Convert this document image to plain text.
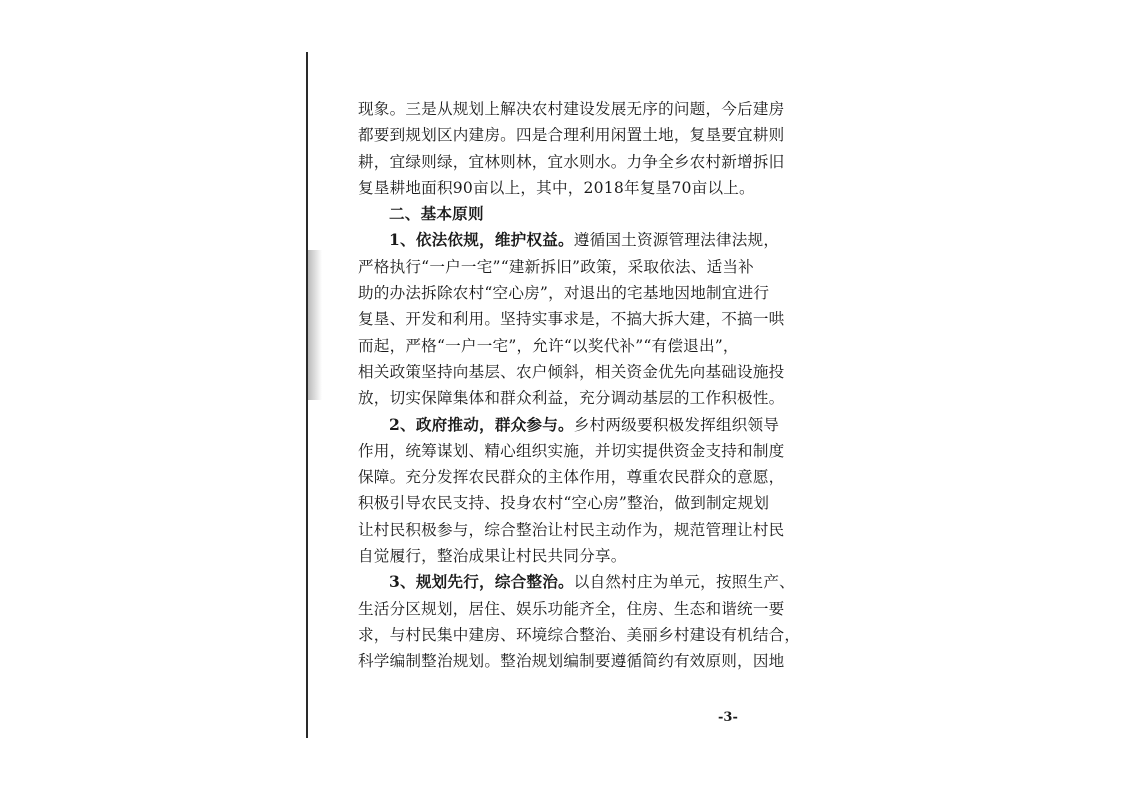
现象。三是从规划上解决农村建设发展无序的问题，今后建房
都要到规划区内建房。四是合理利用闲置土地，复垦要宜耕则
耕，宜绿则绿，宜林则林，宜水则水。力争全乡农村新增拆旧
复垦耕地面积90亩以上，其中，2018年复垦70亩以上。
二、基本原则
1、依法依规，维护权益。遵循国土资源管理法律法规，
严格执行“一户一宅”“建新拆旧”政策，采取依法、适当补
助的办法拆除农村“空心房”，对退出的宅基地因地制宜进行
复垦、开发和利用。坚持实事求是，不搞大拆大建，不搞一哄
而起，严格“一户一宅”，允许“以奖代补”“有偿退出”，
相关政策坚持向基层、农户倾斜，相关资金优先向基础设施投
放，切实保障集体和群众利益，充分调动基层的工作积极性。
2、政府推动，群众参与。乡村两级要积极发挥组织领导
作用，统筹谋划、精心组织实施，并切实提供资金支持和制度
保障。充分发挥农民群众的主体作用，尊重农民群众的意愿，
积极引导农民支持、投身农村“空心房”整治，做到制定规划
让村民积极参与，综合整治让村民主动作为，规范管理让村民
自觉履行，整治成果让村民共同分享。
3、规划先行，综合整治。以自然村庄为单元，按照生产、
生活分区规划，居住、娱乐功能齐全，住房、生态和谐统一要
求，与村民集中建房、环境综合整治、美丽乡村建设有机结合，
科学编制整治规划。整治规划编制要遵循简约有效原则，因地
-3-
